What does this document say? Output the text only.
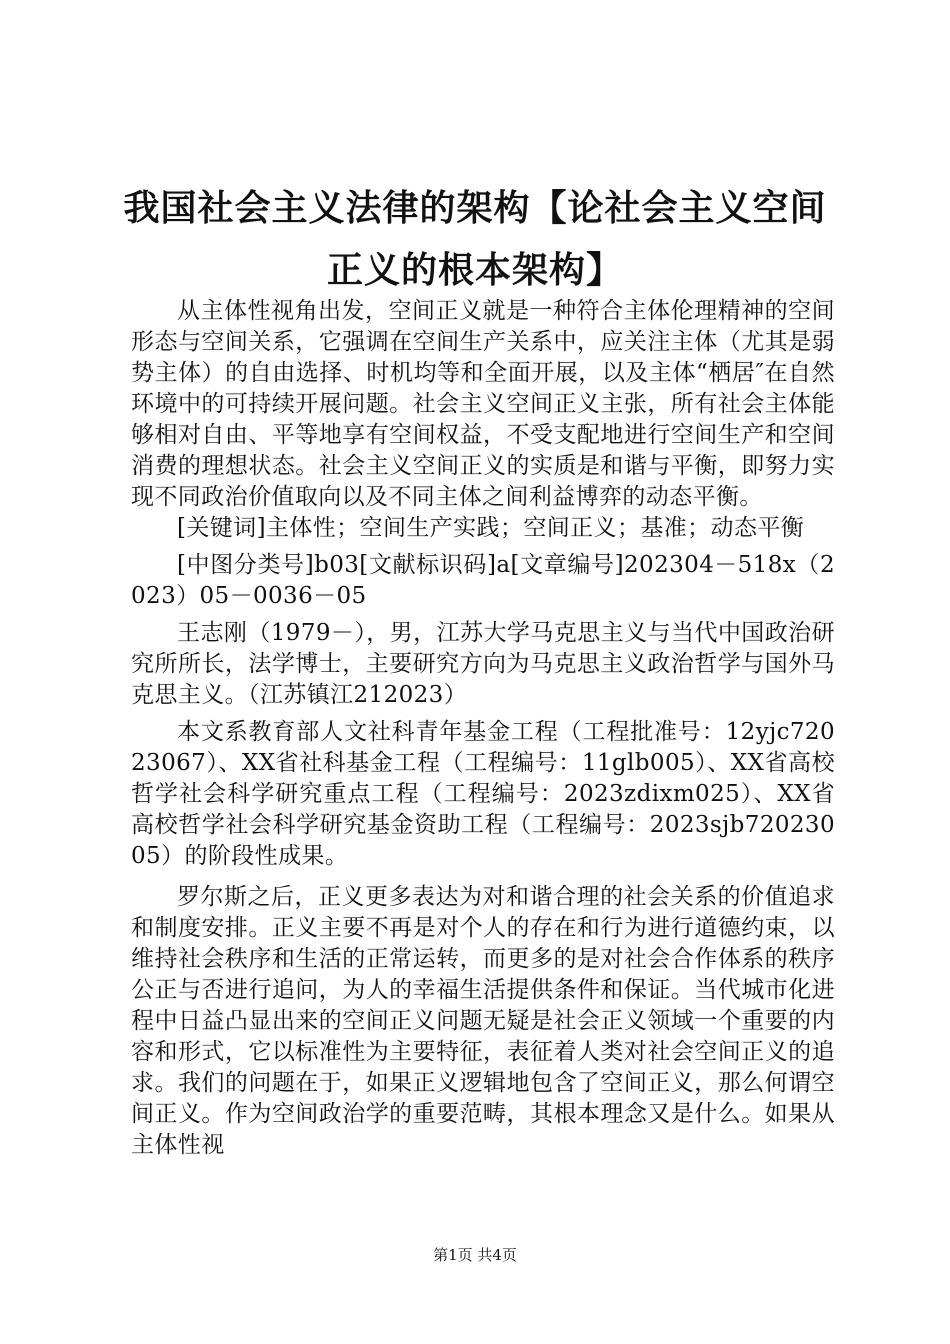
我国社会主义法律的架构【论社会主义空间正义的根本架构】

从主体性视角出发，空间正义就是一种符合主体伦理精神的空间形态与空间关系，它强调在空间生产关系中，应关注主体（尤其是弱势主体）的自由选择、时机均等和全面开展，以及主体“栖居″在自然环境中的可持续开展问题。社会主义空间正义主张，所有社会主体能够相对自由、平等地享有空间权益，不受支配地进行空间生产和空间消费的理想状态。社会主义空间正义的实质是和谐与平衡，即努力实现不同政治价值取向以及不同主体之间利益博弈的动态平衡。

[关键词]主体性；空间生产实践；空间正义；基准；动态平衡

[中图分类号]b03[文献标识码]a[文章编号]202304－518x（2023）05－0036－05

王志刚（1979－），男，江苏大学马克思主义与当代中国政治研究所所长，法学博士，主要研究方向为马克思主义政治哲学与国外马克思主义。（江苏镇江212023）

本文系教育部人文社科青年基金工程（工程批准号：12yjc72023067）、XX省社科基金工程（工程编号：11glb005）、XX省高校哲学社会科学研究重点工程（工程编号：2023zdixm025）、XX省高校哲学社会科学研究基金资助工程（工程编号：2023sjb72023005）的阶段性成果。

罗尔斯之后，正义更多表达为对和谐合理的社会关系的价值追求和制度安排。正义主要不再是对个人的存在和行为进行道德约束，以维持社会秩序和生活的正常运转，而更多的是对社会合作体系的秩序公正与否进行追问，为人的幸福生活提供条件和保证。当代城市化进程中日益凸显出来的空间正义问题无疑是社会正义领域一个重要的内容和形式，它以标准性为主要特征，表征着人类对社会空间正义的追求。我们的问题在于，如果正义逻辑地包含了空间正义，那么何谓空间正义。作为空间政治学的重要范畴，其根本理念又是什么。如果从主体性视

第1页 共4页
